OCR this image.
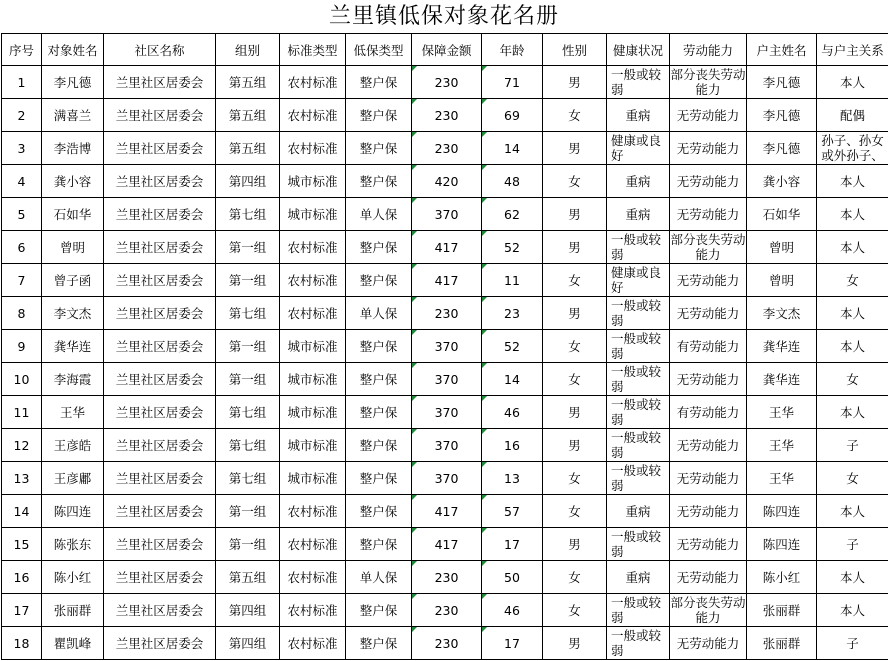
兰里镇低保对象花名册
序号	对象姓名	社区名称	组别	标准类型	低保类型	保障金额	年龄	性别	健康状况	劳动能力	户主姓名	与户主关系
1	李凡德	兰里社区居委会	第五组	农村标准	整户保	230	71	男	一般或较弱	部分丧失劳动能力	李凡德	本人
2	满喜兰	兰里社区居委会	第五组	农村标准	整户保	230	69	女	重病	无劳动能力	李凡德	配偶
3	李浩博	兰里社区居委会	第五组	农村标准	整户保	230	14	男	健康或良好	无劳动能力	李凡德	孙子、孙女或外孙子、
4	龚小容	兰里社区居委会	第四组	城市标准	整户保	420	48	女	重病	无劳动能力	龚小容	本人
5	石如华	兰里社区居委会	第七组	城市标准	单人保	370	62	男	重病	无劳动能力	石如华	本人
6	曾明	兰里社区居委会	第一组	农村标准	整户保	417	52	男	一般或较弱	部分丧失劳动能力	曾明	本人
7	曾子函	兰里社区居委会	第一组	农村标准	整户保	417	11	女	健康或良好	无劳动能力	曾明	女
8	李文杰	兰里社区居委会	第七组	农村标准	单人保	230	23	男	一般或较弱	无劳动能力	李文杰	本人
9	龚华连	兰里社区居委会	第一组	城市标准	整户保	370	52	女	一般或较弱	有劳动能力	龚华连	本人
10	李海霞	兰里社区居委会	第一组	城市标准	整户保	370	14	女	一般或较弱	无劳动能力	龚华连	女
11	王华	兰里社区居委会	第七组	城市标准	整户保	370	46	男	一般或较弱	有劳动能力	王华	本人
12	王彦皓	兰里社区居委会	第七组	城市标准	整户保	370	16	男	一般或较弱	无劳动能力	王华	子
13	王彦鄘	兰里社区居委会	第七组	城市标准	整户保	370	13	女	一般或较弱	无劳动能力	王华	女
14	陈四连	兰里社区居委会	第一组	农村标准	整户保	417	57	女	重病	无劳动能力	陈四连	本人
15	陈张东	兰里社区居委会	第一组	农村标准	整户保	417	17	男	一般或较弱	无劳动能力	陈四连	子
16	陈小红	兰里社区居委会	第五组	农村标准	单人保	230	50	女	重病	无劳动能力	陈小红	本人
17	张丽群	兰里社区居委会	第四组	农村标准	整户保	230	46	女	一般或较弱	部分丧失劳动能力	张丽群	本人
18	瞿凯峰	兰里社区居委会	第四组	农村标准	整户保	230	17	男	一般或较弱	无劳动能力	张丽群	子
